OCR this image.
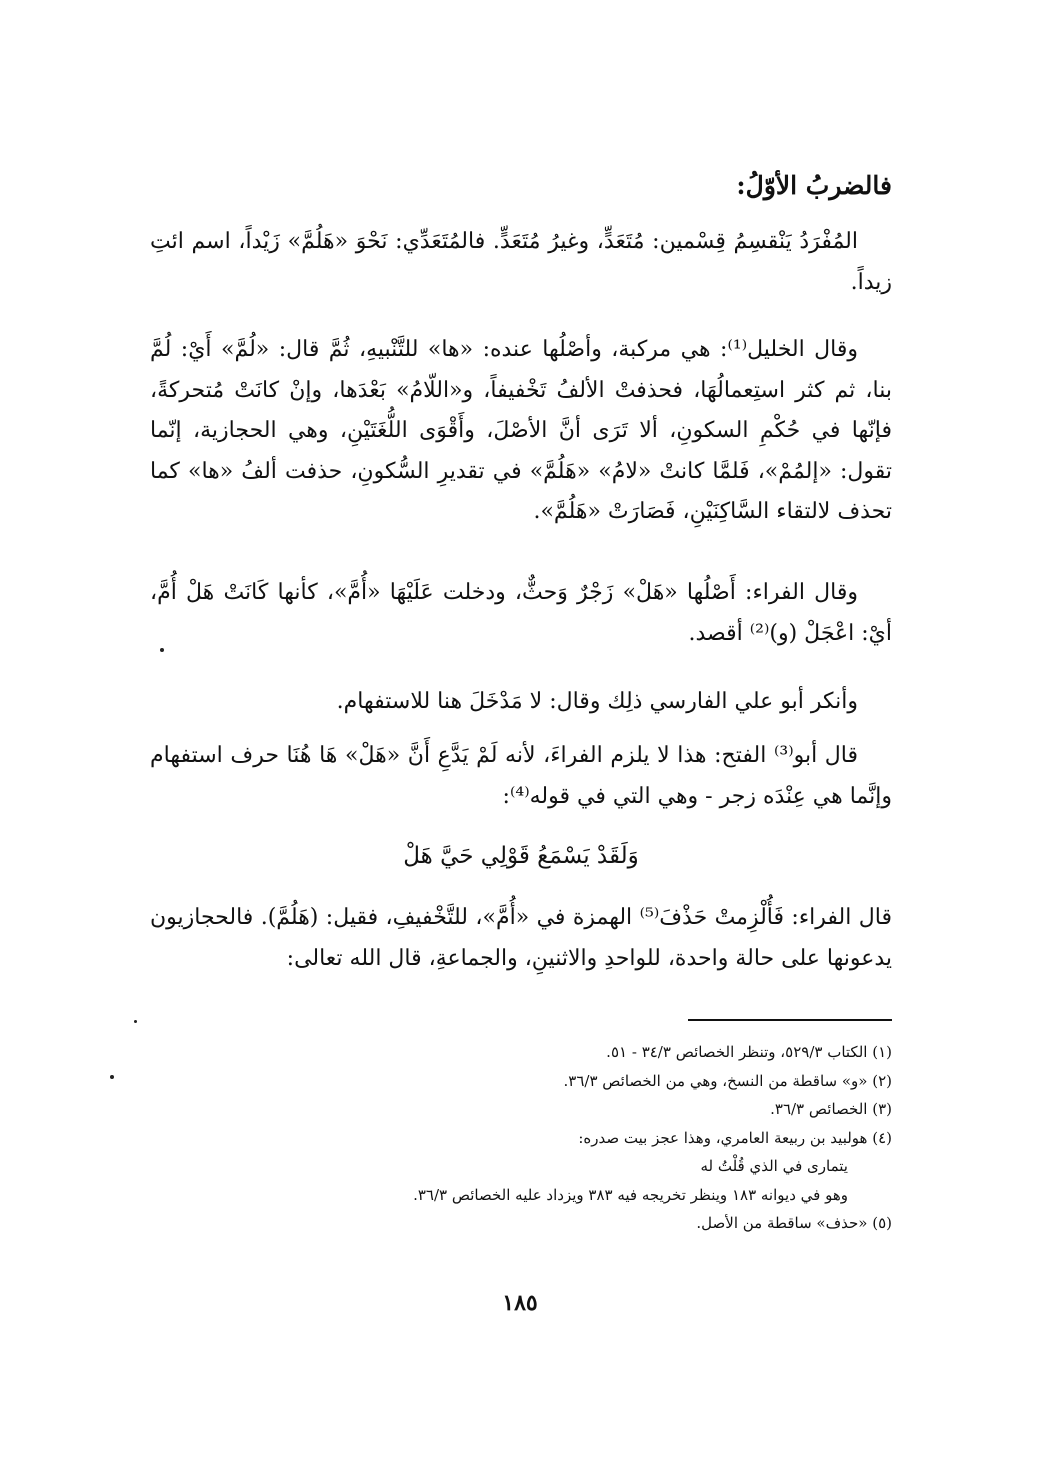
فالضربُ الأوّلُ:
المُفْرَدُ يَنْقسِمُ قِسْمين: مُتَعَدٍّ، وغيرُ مُتَعَدٍّ. فالمُتَعَدِّي: نَحْوَ «هَلُمَّ» زَيْداً، اسم ائتِ زيداً.
وقال الخليل⁽¹⁾: هي مركبة، وأصْلُها عنده: «ها» للتَّنْبيهِ، ثُمَّ قال: «لُمَّ» أَيْ: لُمَّ بنا، ثم كثر استِعمالُهَا، فحذفتْ الألفُ تَخْفيفاً، و«اللّامُ» بَعْدَها، وإنْ كانَتْ مُتحركةً، فإنّها في حُكْمِ السكونِ، ألا تَرَى أنَّ الأصْلَ، وأَقْوَى اللُّغَتَيْنِ، وهي الحجازية، إنّما تقول: «إلمُمْ»، فَلمَّا كانتْ «لامُ» «هَلُمَّ» في تقديرِ السُّكونِ، حذفت ألفُ «ها» كما تحذف لالتقاء السَّاكِنَيْنِ، فَصَارَتْ «هَلُمَّ».
وقال الفراء: أَصْلُها «هَلْ» زَجْرٌ وَحثٌّ، ودخلت عَلَيْهَا «أُمَّ»، كأنها كَانَتْ هَلْ أُمَّ، أيْ: اعْجَلْ (و)⁽²⁾ أقصد.
وأنكر أبو علي الفارسي ذلِك وقال: لا مَدْخَلَ هنا للاستفهام.
قال أبو⁽³⁾ الفتح: هذا لا يلزم الفراءَ، لأنه لَمْ يَدَّعِ أَنَّ «هَلْ» هَا هُنَا حرف استفهام وإنَّما هي عِنْدَه زجر - وهي التي في قوله⁽⁴⁾:
وَلَقَدْ يَسْمَعُ قَوْلِي حَيَّ هَلْ
قال الفراء: فَأُلْزِمتْ حَذْفَ⁽⁵⁾ الهمزة في «أُمَّ»، للتَّخْفيفِ، فقيل: (هَلُمَّ). فالحجازيون يدعونها على حالة واحدة، للواحدِ والاثنينِ، والجماعةِ، قال الله تعالى:
(١) الكتاب ٥٢٩/٣، وتنظر الخصائص ٣٤/٣ - ٥١.
(٢) «و» ساقطة من النسخ، وهي من الخصائص ٣٦/٣.
(٣) الخصائص ٣٦/٣.
(٤) هولبيد بن ربيعة العامري، وهذا عجز بيت صدره:
يتمارى في الذي قُلْتُ له
وهو في ديوانه ١٨٣ وينظر تخريجه فيه ٣٨٣ ويزداد عليه الخصائص ٣٦/٣.
(٥) «حذف» ساقطة من الأصل.
١٨٥
